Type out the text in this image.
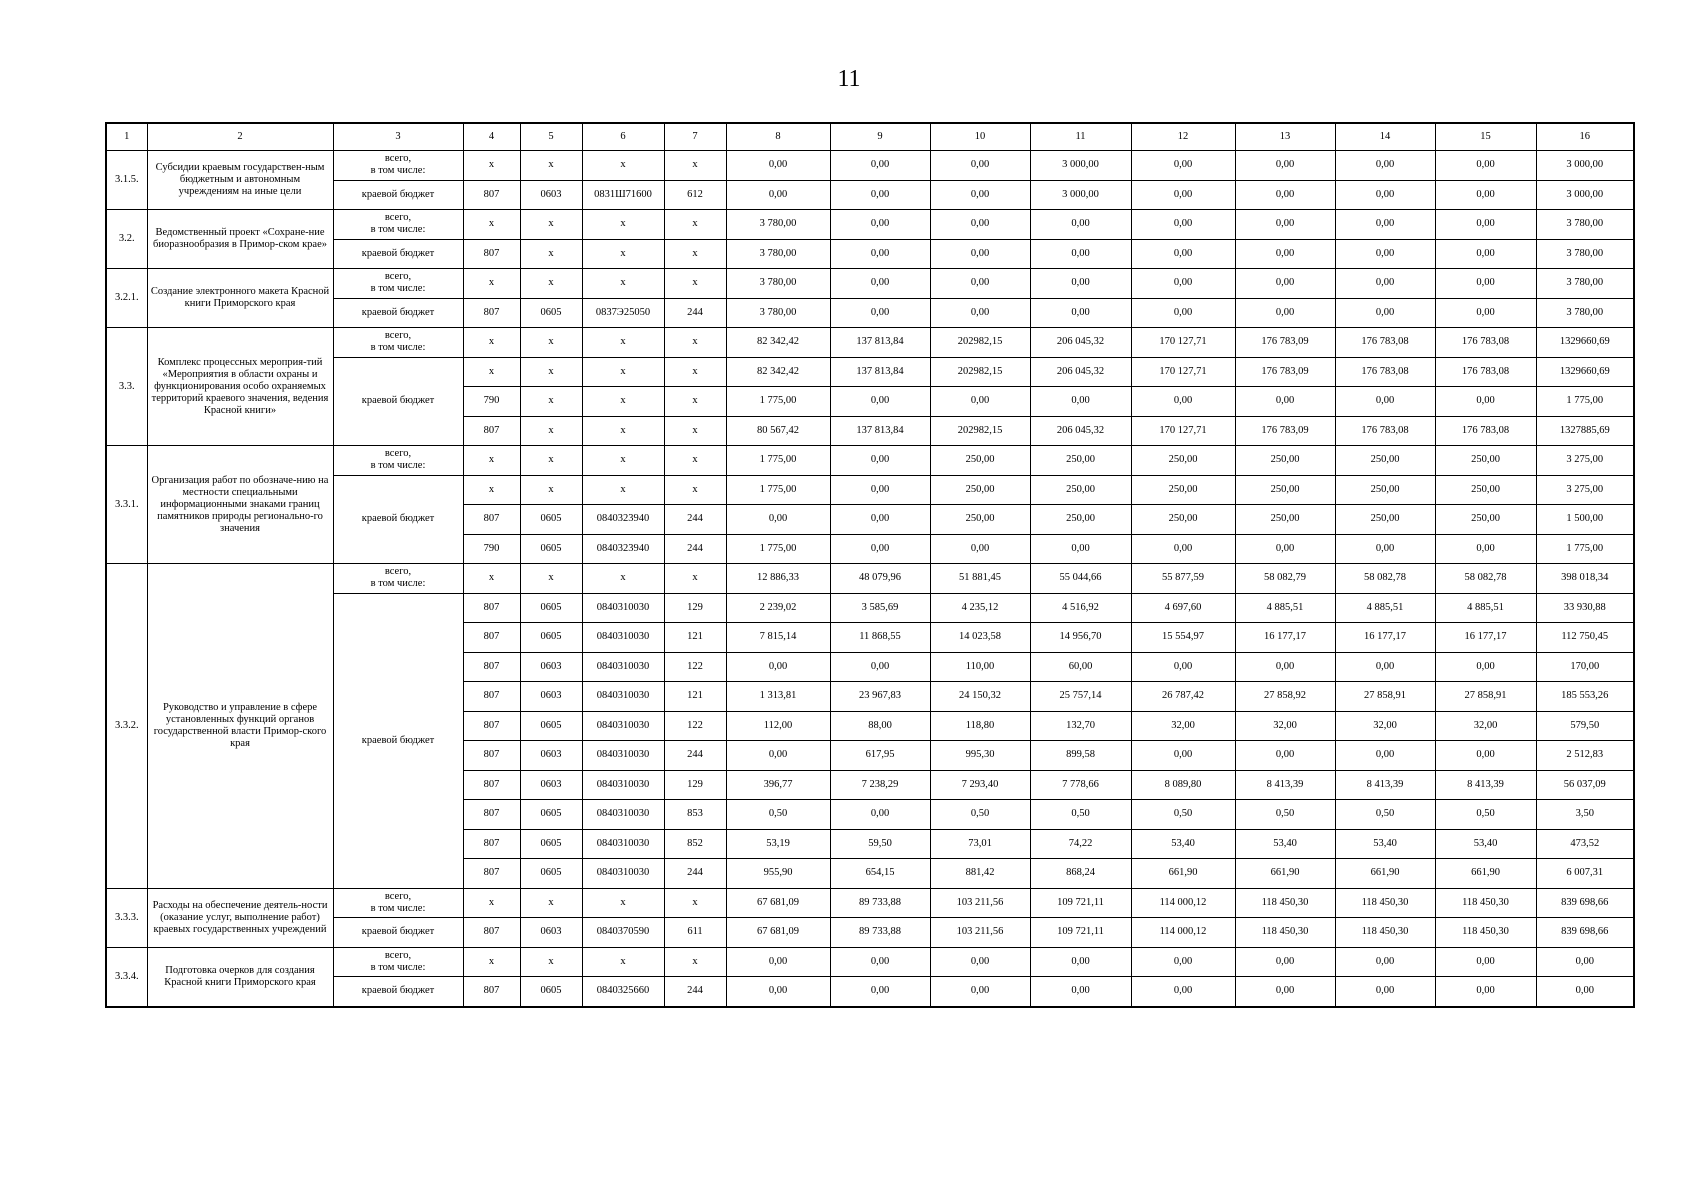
11
1	2	3	4	5	6	7	8	9	10	11	12	13	14	15	16
3.1.5.	Субсидии краевым государствен-ным бюджетным и автономным учреждениям на иные цели	всего,
в том числе:	x	x	x	x	0,00	0,00	0,00	3 000,00	0,00	0,00	0,00	0,00	3 000,00
		краевой бюджет	807	0603	0831Ш71600	612	0,00	0,00	0,00	3 000,00	0,00	0,00	0,00	0,00	3 000,00
3.2.	Ведомственный проект «Сохране-ние биоразнообразия в Примор-ском крае»	всего,
в том числе:	x	x	x	x	3 780,00	0,00	0,00	0,00	0,00	0,00	0,00	0,00	3 780,00
		краевой бюджет	807	x	x	x	3 780,00	0,00	0,00	0,00	0,00	0,00	0,00	0,00	3 780,00
3.2.1.	Создание электронного макета Красной книги Приморского края	всего,
в том числе:	x	x	x	x	3 780,00	0,00	0,00	0,00	0,00	0,00	0,00	0,00	3 780,00
		краевой бюджет	807	0605	0837Э25050	244	3 780,00	0,00	0,00	0,00	0,00	0,00	0,00	0,00	3 780,00
3.3.	Комплекс процессных мероприя-тий «Мероприятия в области охраны и функционирования особо охраняемых территорий краевого значения, ведения Красной книги»	всего,
в том числе:	x	x	x	x	82 342,42	137 813,84	202982,15	206 045,32	170 127,71	176 783,09	176 783,08	176 783,08	1329660,69
		краевой бюджет	x	x	x	x	82 342,42	137 813,84	202982,15	206 045,32	170 127,71	176 783,09	176 783,08	176 783,08	1329660,69
			790	x	x	x	1 775,00	0,00	0,00	0,00	0,00	0,00	0,00	0,00	1 775,00
			807	x	x	x	80 567,42	137 813,84	202982,15	206 045,32	170 127,71	176 783,09	176 783,08	176 783,08	1327885,69
3.3.1.	Организация работ по обозначе-нию на местности специальными информационными знаками границ памятников природы регионально-го значения	всего,
в том числе:	x	x	x	x	1 775,00	0,00	250,00	250,00	250,00	250,00	250,00	250,00	3 275,00
		краевой бюджет	x	x	x	x	1 775,00	0,00	250,00	250,00	250,00	250,00	250,00	250,00	3 275,00
			807	0605	0840323940	244	0,00	0,00	250,00	250,00	250,00	250,00	250,00	250,00	1 500,00
			790	0605	0840323940	244	1 775,00	0,00	0,00	0,00	0,00	0,00	0,00	0,00	1 775,00
3.3.2.	Руководство и управление в сфере установленных функций органов государственной власти Примор-ского края	всего,
в том числе:	x	x	x	x	12 886,33	48 079,96	51 881,45	55 044,66	55 877,59	58 082,79	58 082,78	58 082,78	398 018,34
		краевой бюджет	807	0605	0840310030	129	2 239,02	3 585,69	4 235,12	4 516,92	4 697,60	4 885,51	4 885,51	4 885,51	33 930,88
			807	0605	0840310030	121	7 815,14	11 868,55	14 023,58	14 956,70	15 554,97	16 177,17	16 177,17	16 177,17	112 750,45
			807	0603	0840310030	122	0,00	0,00	110,00	60,00	0,00	0,00	0,00	0,00	170,00
			807	0603	0840310030	121	1 313,81	23 967,83	24 150,32	25 757,14	26 787,42	27 858,92	27 858,91	27 858,91	185 553,26
			807	0605	0840310030	122	112,00	88,00	118,80	132,70	32,00	32,00	32,00	32,00	579,50
			807	0603	0840310030	244	0,00	617,95	995,30	899,58	0,00	0,00	0,00	0,00	2 512,83
			807	0603	0840310030	129	396,77	7 238,29	7 293,40	7 778,66	8 089,80	8 413,39	8 413,39	8 413,39	56 037,09
			807	0605	0840310030	853	0,50	0,00	0,50	0,50	0,50	0,50	0,50	0,50	3,50
			807	0605	0840310030	852	53,19	59,50	73,01	74,22	53,40	53,40	53,40	53,40	473,52
			807	0605	0840310030	244	955,90	654,15	881,42	868,24	661,90	661,90	661,90	661,90	6 007,31
3.3.3.	Расходы на обеспечение деятель-ности (оказание услуг, выполнение работ) краевых государственных учреждений	всего,
в том числе:	x	x	x	x	67 681,09	89 733,88	103 211,56	109 721,11	114 000,12	118 450,30	118 450,30	118 450,30	839 698,66
		краевой бюджет	807	0603	0840370590	611	67 681,09	89 733,88	103 211,56	109 721,11	114 000,12	118 450,30	118 450,30	118 450,30	839 698,66
3.3.4.	Подготовка очерков для создания Красной книги Приморского края	всего,
в том числе:	x	x	x	x	0,00	0,00	0,00	0,00	0,00	0,00	0,00	0,00	0,00
		краевой бюджет	807	0605	0840325660	244	0,00	0,00	0,00	0,00	0,00	0,00	0,00	0,00	0,00
